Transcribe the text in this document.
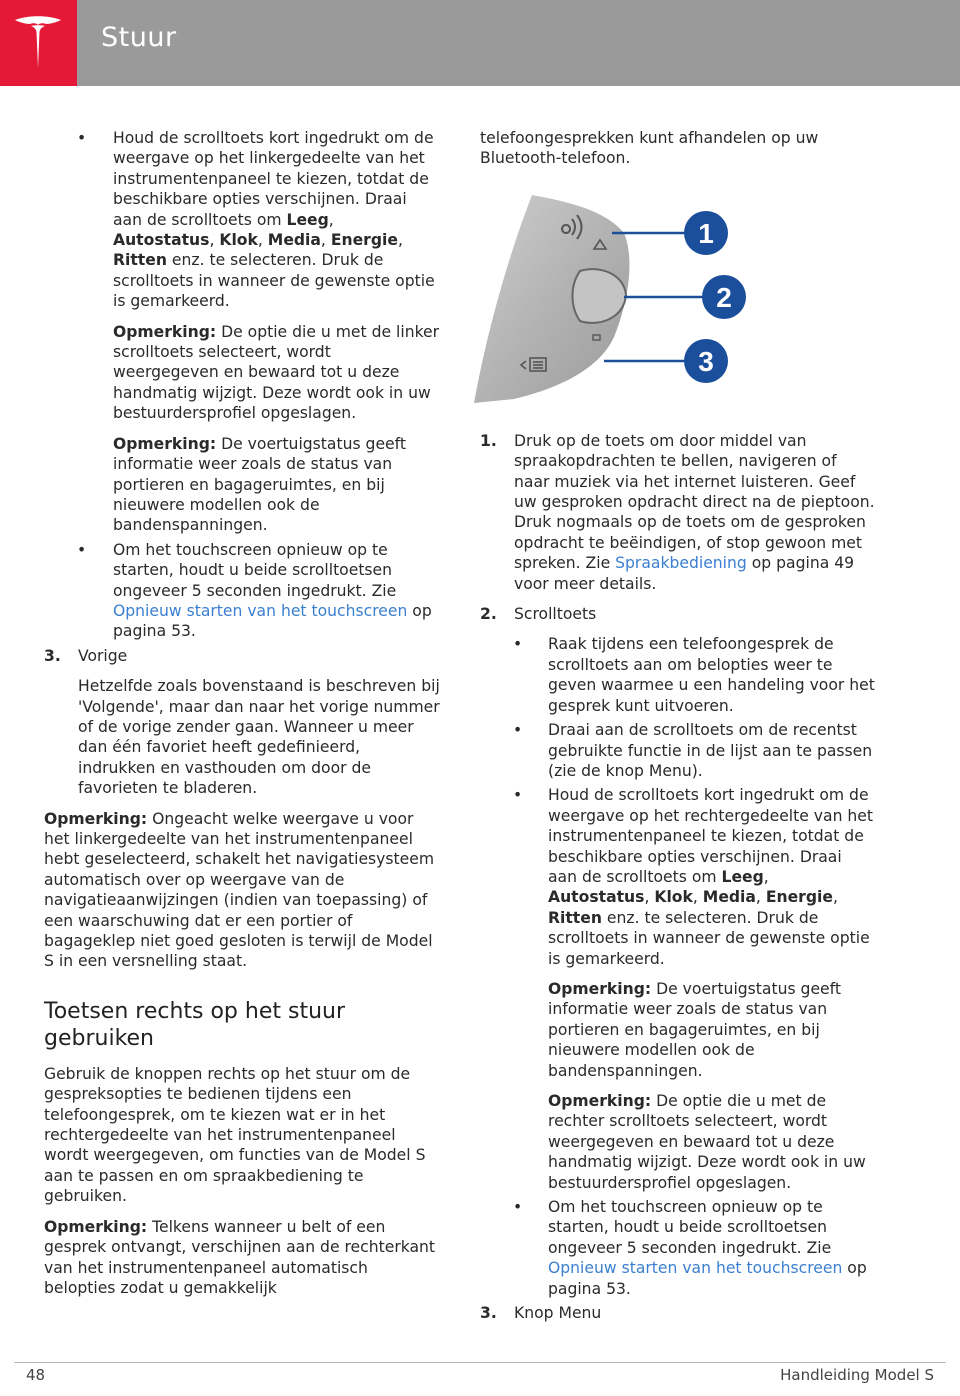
Stuur
• Houd de scrolltoets kort ingedrukt om de weergave op het linkergedeelte van het instrumentenpaneel te kiezen, totdat de beschikbare opties verschijnen. Draai aan de scrolltoets om Leeg, Autostatus, Klok, Media, Energie, Ritten enz. te selecteren. Druk de scrolltoets in wanneer de gewenste optie is gemarkeerd.

Opmerking: De optie die u met de linker scrolltoets selecteert, wordt weergegeven en bewaard tot u deze handmatig wijzigt. Deze wordt ook in uw bestuurdersprofiel opgeslagen.

Opmerking: De voertuigstatus geeft informatie weer zoals de status van portieren en bagageruimtes, en bij nieuwere modellen ook de bandenspanningen.

• Om het touchscreen opnieuw op te starten, houdt u beide scrolltoetsen ongeveer 5 seconden ingedrukt. Zie Opnieuw starten van het touchscreen op pagina 53.

3. Vorige

Hetzelfde zoals bovenstaand is beschreven bij 'Volgende', maar dan naar het vorige nummer of de vorige zender gaan. Wanneer u meer dan één favoriet heeft gedefinieerd, indrukken en vasthouden om door de favorieten te bladeren.

Opmerking: Ongeacht welke weergave u voor het linkergedeelte van het instrumentenpaneel hebt geselecteerd, schakelt het navigatiesysteem automatisch over op weergave van de navigatieaanwijzingen (indien van toepassing) of een waarschuwing dat er een portier of bagageklep niet goed gesloten is terwijl de Model S in een versnelling staat.

Toetsen rechts op het stuur gebruiken

Gebruik de knoppen rechts op het stuur om de gespreksopties te bedienen tijdens een telefoongesprek, om te kiezen wat er in het rechtergedeelte van het instrumentenpaneel wordt weergegeven, om functies van de Model S aan te passen en om spraakbediening te gebruiken.

Opmerking: Telkens wanneer u belt of een gesprek ontvangt, verschijnen aan de rechterkant van het instrumentenpaneel automatisch belopties zodat u gemakkelijk

telefoongesprekken kunt afhandelen op uw Bluetooth-telefoon.

1
2
3
1. Druk op de toets om door middel van spraakopdrachten te bellen, navigeren of naar muziek via het internet luisteren. Geef uw gesproken opdracht direct na de pieptoon. Druk nogmaals op de toets om de gesproken opdracht te beëindigen, of stop gewoon met spreken. Zie Spraakbediening op pagina 49 voor meer details.

2. Scrolltoets

• Raak tijdens een telefoongesprek de scrolltoets aan om belopties weer te geven waarmee u een handeling voor het gesprek kunt uitvoeren.

• Draai aan de scrolltoets om de recentst gebruikte functie in de lijst aan te passen (zie de knop Menu).

• Houd de scrolltoets kort ingedrukt om de weergave op het rechtergedeelte van het instrumentenpaneel te kiezen, totdat de beschikbare opties verschijnen. Draai aan de scrolltoets om Leeg, Autostatus, Klok, Media, Energie, Ritten enz. te selecteren. Druk de scrolltoets in wanneer de gewenste optie is gemarkeerd.

Opmerking: De voertuigstatus geeft informatie weer zoals de status van portieren en bagageruimtes, en bij nieuwere modellen ook de bandenspanningen.

Opmerking: De optie die u met de rechter scrolltoets selecteert, wordt weergegeven en bewaard tot u deze handmatig wijzigt. Deze wordt ook in uw bestuurdersprofiel opgeslagen.

• Om het touchscreen opnieuw op te starten, houdt u beide scrolltoetsen ongeveer 5 seconden ingedrukt. Zie Opnieuw starten van het touchscreen op pagina 53.

3. Knop Menu

48	Handleiding Model S
